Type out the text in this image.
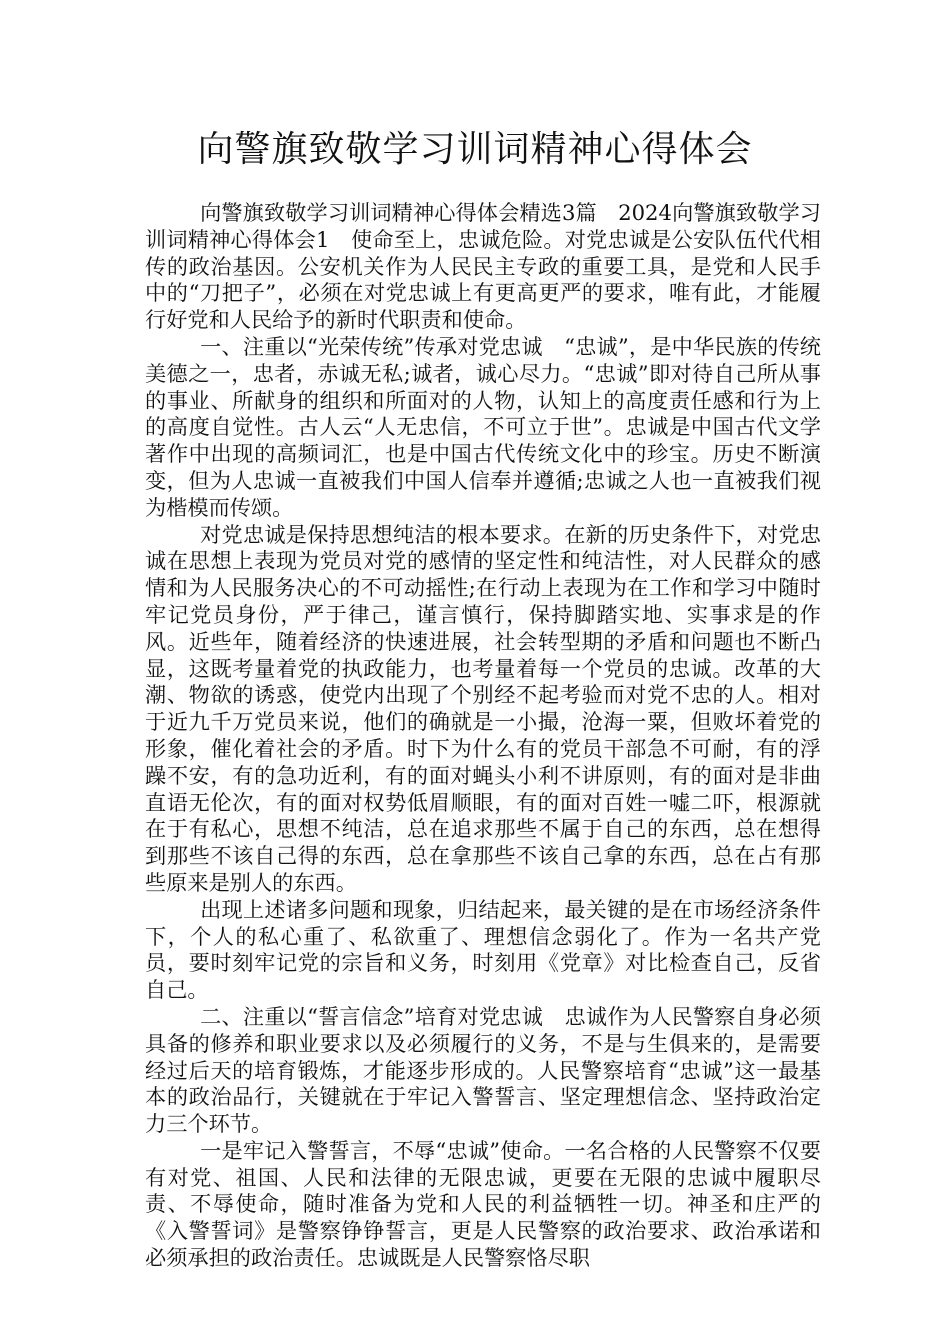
向警旗致敬学习训词精神心得体会

向警旗致敬学习训词精神心得体会精选3篇　2024向警旗致敬学习训词精神心得体会1　使命至上，忠诚危险。对党忠诚是公安队伍代代相传的政治基因。公安机关作为人民民主专政的重要工具，是党和人民手中的“刀把子”，必须在对党忠诚上有更高更严的要求，唯有此，才能履行好党和人民给予的新时代职责和使命。

一、注重以“光荣传统”传承对党忠诚　“忠诚”，是中华民族的传统美德之一，忠者，赤诚无私;诚者，诚心尽力。“忠诚”即对待自己所从事的事业、所献身的组织和所面对的人物，认知上的高度责任感和行为上的高度自觉性。古人云“人无忠信，不可立于世”。忠诚是中国古代文学著作中出现的高频词汇，也是中国古代传统文化中的珍宝。历史不断演变，但为人忠诚一直被我们中国人信奉并遵循;忠诚之人也一直被我们视为楷模而传颂。

对党忠诚是保持思想纯洁的根本要求。在新的历史条件下，对党忠诚在思想上表现为党员对党的感情的坚定性和纯洁性，对人民群众的感情和为人民服务决心的不可动摇性;在行动上表现为在工作和学习中随时牢记党员身份，严于律己，谨言慎行，保持脚踏实地、实事求是的作风。近些年，随着经济的快速进展，社会转型期的矛盾和问题也不断凸显，这既考量着党的执政能力，也考量着每一个党员的忠诚。改革的大潮、物欲的诱惑，使党内出现了个别经不起考验而对党不忠的人。相对于近九千万党员来说，他们的确就是一小撮，沧海一粟，但败坏着党的形象，催化着社会的矛盾。时下为什么有的党员干部急不可耐，有的浮躁不安，有的急功近利，有的面对蝇头小利不讲原则，有的面对是非曲直语无伦次，有的面对权势低眉顺眼，有的面对百姓一嘘二吓，根源就在于有私心，思想不纯洁，总在追求那些不属于自己的东西，总在想得到那些不该自己得的东西，总在拿那些不该自己拿的东西，总在占有那些原来是别人的东西。

出现上述诸多问题和现象，归结起来，最关键的是在市场经济条件下，个人的私心重了、私欲重了、理想信念弱化了。作为一名共产党员，要时刻牢记党的宗旨和义务，时刻用《党章》对比检查自己，反省自己。

二、注重以“誓言信念”培育对党忠诚　忠诚作为人民警察自身必须具备的修养和职业要求以及必须履行的义务，不是与生俱来的，是需要经过后天的培育锻炼，才能逐步形成的。人民警察培育“忠诚”这一最基本的政治品行，关键就在于牢记入警誓言、坚定理想信念、坚持政治定力三个环节。

一是牢记入警誓言，不辱“忠诚”使命。一名合格的人民警察不仅要有对党、祖国、人民和法律的无限忠诚，更要在无限的忠诚中履职尽责、不辱使命，随时准备为党和人民的利益牺牲一切。神圣和庄严的《入警誓词》是警察铮铮誓言，更是人民警察的政治要求、政治承诺和必须承担的政治责任。忠诚既是人民警察恪尽职
